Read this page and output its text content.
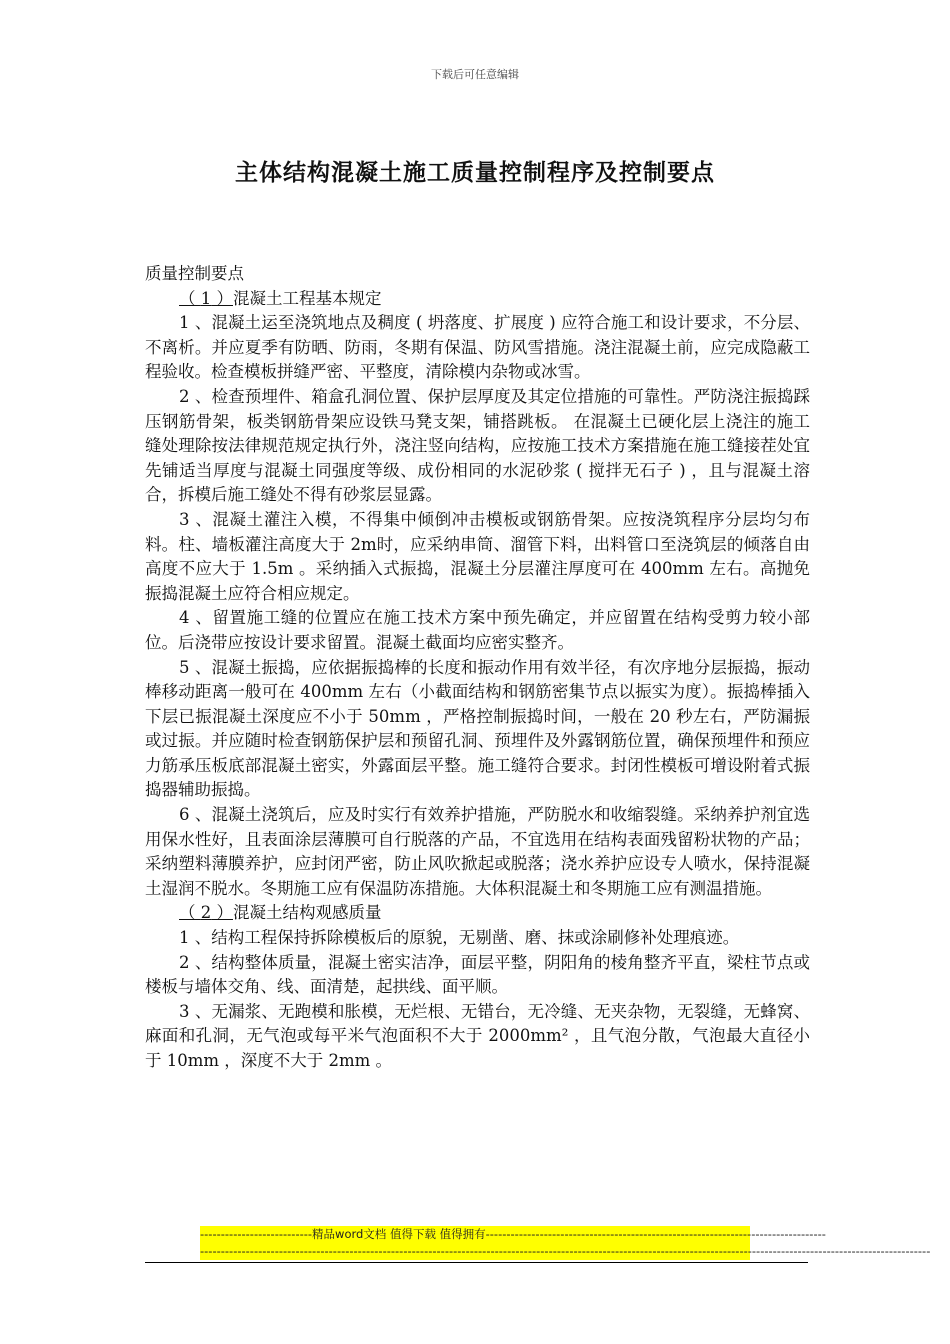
下载后可任意编辑
主体结构混凝土施工质量控制程序及控制要点

质量控制要点

（ 1 ）混凝土工程基本规定

1 、混凝土运至浇筑地点及稠度 ( 坍落度、扩展度 ) 应符合施工和设计要求，不分层、不离析。并应夏季有防晒、防雨，冬期有保温、防风雪措施。浇注混凝土前，应完成隐蔽工程验收。检查模板拼缝严密、平整度，清除模内杂物或冰雪。

2 、检查预埋件、箱盒孔洞位置、保护层厚度及其定位措施的可靠性。严防浇注振捣踩压钢筋骨架，板类钢筋骨架应设铁马凳支架，铺搭跳板。 在混凝土已硬化层上浇注的施工缝处理除按法律规范规定执行外，浇注竖向结构，应按施工技术方案措施在施工缝接茬处宜先铺适当厚度与混凝土同强度等级、成份相同的水泥砂浆 ( 搅拌无石子 ) ，且与混凝土溶合，拆模后施工缝处不得有砂浆层显露。

3 、混凝土灌注入模，不得集中倾倒冲击模板或钢筋骨架。应按浇筑程序分层均匀布料。柱、墙板灌注高度大于 2m时，应采纳串筒、溜管下料，出料管口至浇筑层的倾落自由高度不应大于 1.5m 。采纳插入式振捣，混凝土分层灌注厚度可在 400mm 左右。高抛免振捣混凝土应符合相应规定。

4 、留置施工缝的位置应在施工技术方案中预先确定，并应留置在结构受剪力较小部位。后浇带应按设计要求留置。混凝土截面均应密实整齐。

5 、混凝土振捣，应依据振捣棒的长度和振动作用有效半径，有次序地分层振捣，振动棒移动距离一般可在 400mm 左右（小截面结构和钢筋密集节点以振实为度）。振捣棒插入下层已振混凝土深度应不小于 50mm ，严格控制振捣时间，一般在 20 秒左右，严防漏振或过振。并应随时检查钢筋保护层和预留孔洞、预埋件及外露钢筋位置，确保预埋件和预应力筋承压板底部混凝土密实，外露面层平整。施工缝符合要求。封闭性模板可增设附着式振捣器辅助振捣。

6 、混凝土浇筑后，应及时实行有效养护措施，严防脱水和收缩裂缝。采纳养护剂宜选用保水性好，且表面涂层薄膜可自行脱落的产品，不宜选用在结构表面残留粉状物的产品；采纳塑料薄膜养护，应封闭严密，防止风吹掀起或脱落；浇水养护应设专人喷水，保持混凝土湿润不脱水。冬期施工应有保温防冻措施。大体积混凝土和冬期施工应有测温措施。

（ 2 ）混凝土结构观感质量

1 、结构工程保持拆除模板后的原貌，无剔凿、磨、抹或涂刷修补处理痕迹。

2 、结构整体质量，混凝土密实洁净，面层平整，阴阳角的棱角整齐平直，梁柱节点或楼板与墙体交角、线、面清楚，起拱线、面平顺。

3 、无漏浆、无跑模和胀模，无烂根、无错台，无冷缝、无夹杂物，无裂缝，无蜂窝、麻面和孔洞，无气泡或每平米气泡面积不大于 2000mm² ，且气泡分散，气泡最大直径小于 10mm ，深度不大于 2mm 。

---------------------------精品word文档 值得下载 值得拥有----------------------------------------------------------------------------------
--------------------------------------------------------------------------------------------------------------------------------------------------------------------------------
